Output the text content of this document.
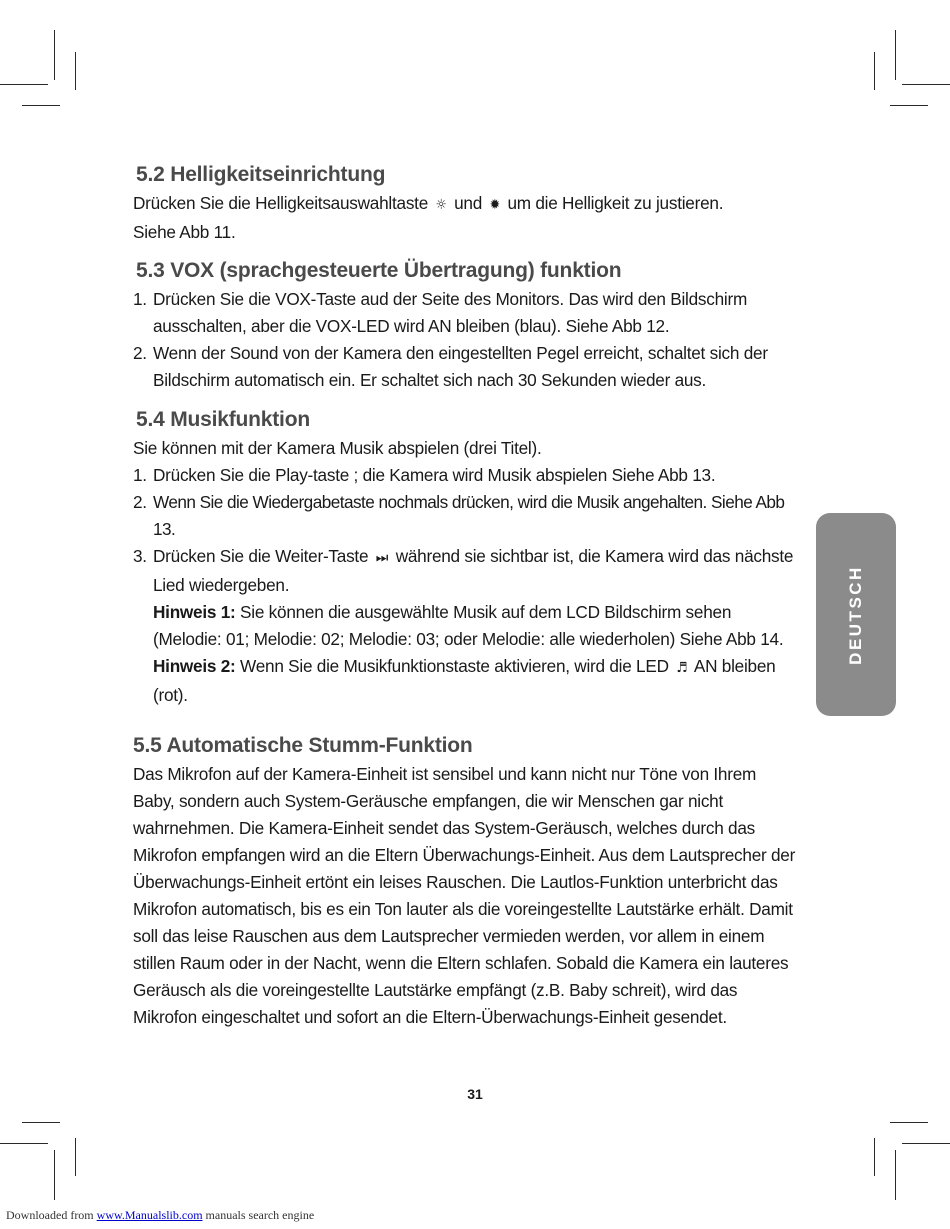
5.2 Helligkeitseinrichtung

Drücken Sie die Helligkeitsauswahltaste ☼ und ✹ um die Helligkeit zu justieren.

Siehe Abb 11.

5.3 VOX (sprachgesteuerte Übertragung) funktion
1. Drücken Sie die VOX-Taste aud der Seite des Monitors. Das wird den Bildschirm ausschalten, aber die VOX-LED wird AN bleiben (blau). Siehe Abb 12.
2. Wenn der Sound von der Kamera den eingestellten Pegel erreicht, schaltet sich der Bildschirm automatisch ein. Er schaltet sich nach 30 Sekunden wieder aus.
5.4 Musikfunktion

Sie können mit der Kamera Musik abspielen (drei Titel).

1. Drücken Sie die Play-taste ; die Kamera wird Musik abspielen Siehe Abb 13.
2. Wenn Sie die Wiedergabetaste nochmals drücken, wird die Musik angehalten. Siehe Abb 13.
3. Drücken Sie die Weiter-Taste ⏭ während sie sichtbar ist, die Kamera wird das nächste Lied wiedergeben.

Hinweis 1: Sie können die ausgewählte Musik auf dem LCD Bildschirm sehen (Melodie: 01; Melodie: 02; Melodie: 03; oder Melodie: alle wiederholen) Siehe Abb 14.

Hinweis 2: Wenn Sie die Musikfunktionstaste aktivieren, wird die LED ♬ AN bleiben (rot).

5.5 Automatische Stumm-Funktion

Das Mikrofon auf der Kamera-Einheit ist sensibel und kann nicht nur Töne von Ihrem Baby, sondern auch System-Geräusche empfangen, die wir Menschen gar nicht wahrnehmen. Die Kamera-Einheit sendet das System-Geräusch, welches durch das Mikrofon empfangen wird an die Eltern Überwachungs-Einheit. Aus dem Lautsprecher der Überwachungs-Einheit ertönt ein leises Rauschen. Die Lautlos-Funktion unterbricht das Mikrofon automatisch, bis es ein Ton lauter als die voreingestellte Lautstärke erhält. Damit soll das leise Rauschen aus dem Lautsprecher vermieden werden, vor allem in einem stillen Raum oder in der Nacht, wenn die Eltern schlafen. Sobald die Kamera ein lauteres Geräusch als die voreingestellte Lautstärke empfängt (z.B. Baby schreit), wird das Mikrofon eingeschaltet und sofort an die Eltern-Überwachungs-Einheit gesendet.

DEUTSCH
31
Downloaded from www.Manualslib.com manuals search engine
